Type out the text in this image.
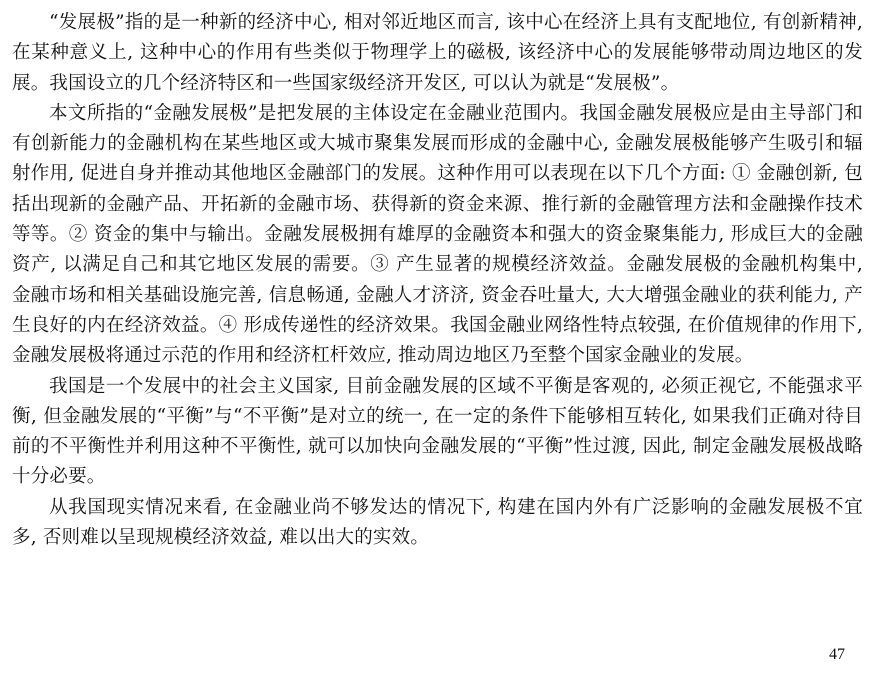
“发展极”指的是一种新的经济中心, 相对邻近地区而言, 该中心在经济上具有支配地位, 有创新精神, 在某种意义上, 这种中心的作用有些类似于物理学上的磁极, 该经济中心的发展能够带动周边地区的发展。我国设立的几个经济特区和一些国家级经济开发区, 可以认为就是“发展极”。

本文所指的“金融发展极”是把发展的主体设定在金融业范围内。我国金融发展极应是由主导部门和有创新能力的金融机构在某些地区或大城市聚集发展而形成的金融中心, 金融发展极能够产生吸引和辐射作用, 促进自身并推动其他地区金融部门的发展。这种作用可以表现在以下几个方面: ① 金融创新, 包括出现新的金融产品、开拓新的金融市场、获得新的资金来源、推行新的金融管理方法和金融操作技术等等。② 资金的集中与输出。金融发展极拥有雄厚的金融资本和强大的资金聚集能力, 形成巨大的金融资产, 以满足自己和其它地区发展的需要。③ 产生显著的规模经济效益。金融发展极的金融机构集中, 金融市场和相关基础设施完善, 信息畅通, 金融人才济济, 资金吞吐量大, 大大增强金融业的获利能力, 产生良好的内在经济效益。④ 形成传递性的经济效果。我国金融业网络性特点较强, 在价值规律的作用下, 金融发展极将通过示范的作用和经济杠杆效应, 推动周边地区乃至整个国家金融业的发展。

我国是一个发展中的社会主义国家, 目前金融发展的区域不平衡是客观的, 必须正视它, 不能强求平衡, 但金融发展的“平衡”与“不平衡”是对立的统一, 在一定的条件下能够相互转化, 如果我们正确对待目前的不平衡性并利用这种不平衡性, 就可以加快向金融发展的“平衡”性过渡, 因此, 制定金融发展极战略十分必要。

从我国现实情况来看, 在金融业尚不够发达的情况下, 构建在国内外有广泛影响的金融发展极不宜多, 否则难以呈现规模经济效益, 难以出大的实效。

47
